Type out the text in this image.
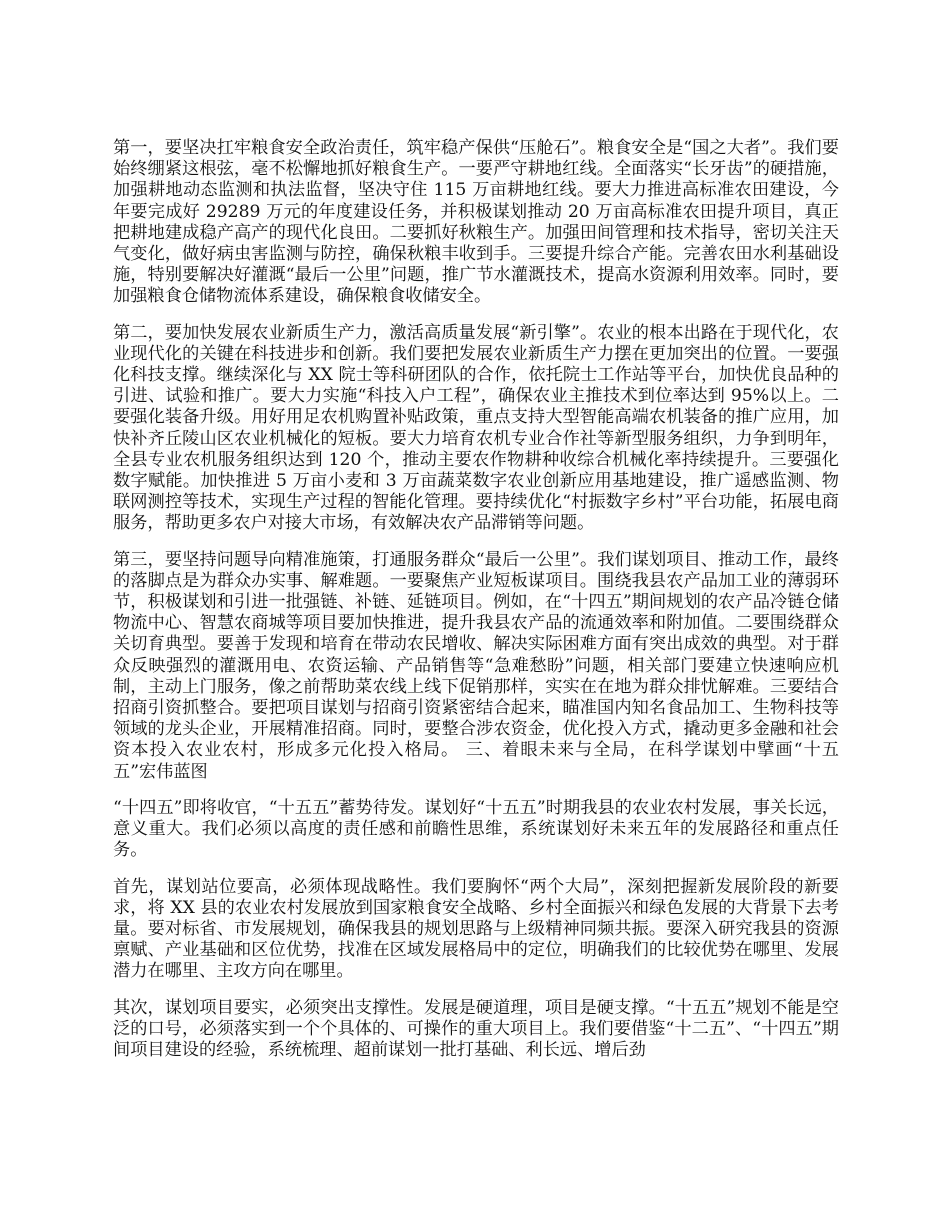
第一，要坚决扛牢粮食安全政治责任，筑牢稳产保供“压舱石”。粮食安全是“国之大者”。我们要始终绷紧这根弦，毫不松懈地抓好粮食生产。一要严守耕地红线。全面落实“长牙齿”的硬措施，加强耕地动态监测和执法监督，坚决守住 115 万亩耕地红线。要大力推进高标准农田建设，今年要完成好 29289 万元的年度建设任务，并积极谋划推动 20 万亩高标准农田提升项目，真正把耕地建成稳产高产的现代化良田。二要抓好秋粮生产。加强田间管理和技术指导，密切关注天气变化，做好病虫害监测与防控，确保秋粮丰收到手。三要提升综合产能。完善农田水利基础设施，特别要解决好灌溉“最后一公里”问题，推广节水灌溉技术，提高水资源利用效率。同时，要加强粮食仓储物流体系建设，确保粮食收储安全。

第二，要加快发展农业新质生产力，激活高质量发展“新引擎”。农业的根本出路在于现代化，农业现代化的关键在科技进步和创新。我们要把发展农业新质生产力摆在更加突出的位置。一要强化科技支撑。继续深化与 XX 院士等科研团队的合作，依托院士工作站等平台，加快优良品种的引进、试验和推广。要大力实施“科技入户工程”，确保农业主推技术到位率达到 95%以上。二要强化装备升级。用好用足农机购置补贴政策，重点支持大型智能高端农机装备的推广应用，加快补齐丘陵山区农业机械化的短板。要大力培育农机专业合作社等新型服务组织，力争到明年，全县专业农机服务组织达到 120 个，推动主要农作物耕种收综合机械化率持续提升。三要强化数字赋能。加快推进 5 万亩小麦和 3 万亩蔬菜数字农业创新应用基地建设，推广遥感监测、物联网测控等技术，实现生产过程的智能化管理。要持续优化“村振数字乡村”平台功能，拓展电商服务，帮助更多农户对接大市场，有效解决农产品滞销等问题。

第三，要坚持问题导向精准施策，打通服务群众“最后一公里”。我们谋划项目、推动工作，最终的落脚点是为群众办实事、解难题。一要聚焦产业短板谋项目。围绕我县农产品加工业的薄弱环节，积极谋划和引进一批强链、补链、延链项目。例如，在“十四五”期间规划的农产品冷链仓储物流中心、智慧农商城等项目要加快推进，提升我县农产品的流通效率和附加值。二要围绕群众关切育典型。要善于发现和培育在带动农民增收、解决实际困难方面有突出成效的典型。对于群众反映强烈的灌溉用电、农资运输、产品销售等“急难愁盼”问题，相关部门要建立快速响应机制，主动上门服务，像之前帮助菜农线上线下促销那样，实实在在地为群众排忧解难。三要结合招商引资抓整合。要把项目谋划与招商引资紧密结合起来，瞄准国内知名食品加工、生物科技等领域的龙头企业，开展精准招商。同时，要整合涉农资金，优化投入方式，撬动更多金融和社会资本投入农业农村，形成多元化投入格局。 三、着眼未来与全局，在科学谋划中擘画“十五五”宏伟蓝图

“十四五”即将收官，“十五五”蓄势待发。谋划好“十五五”时期我县的农业农村发展，事关长远，意义重大。我们必须以高度的责任感和前瞻性思维，系统谋划好未来五年的发展路径和重点任务。

首先，谋划站位要高，必须体现战略性。我们要胸怀“两个大局”，深刻把握新发展阶段的新要求，将 XX 县的农业农村发展放到国家粮食安全战略、乡村全面振兴和绿色发展的大背景下去考量。要对标省、市发展规划，确保我县的规划思路与上级精神同频共振。要深入研究我县的资源禀赋、产业基础和区位优势，找准在区域发展格局中的定位，明确我们的比较优势在哪里、发展潜力在哪里、主攻方向在哪里。

其次，谋划项目要实，必须突出支撑性。发展是硬道理，项目是硬支撑。“十五五”规划不能是空泛的口号，必须落实到一个个具体的、可操作的重大项目上。我们要借鉴“十二五”、“十四五”期间项目建设的经验，系统梳理、超前谋划一批打基础、利长远、增后劲
